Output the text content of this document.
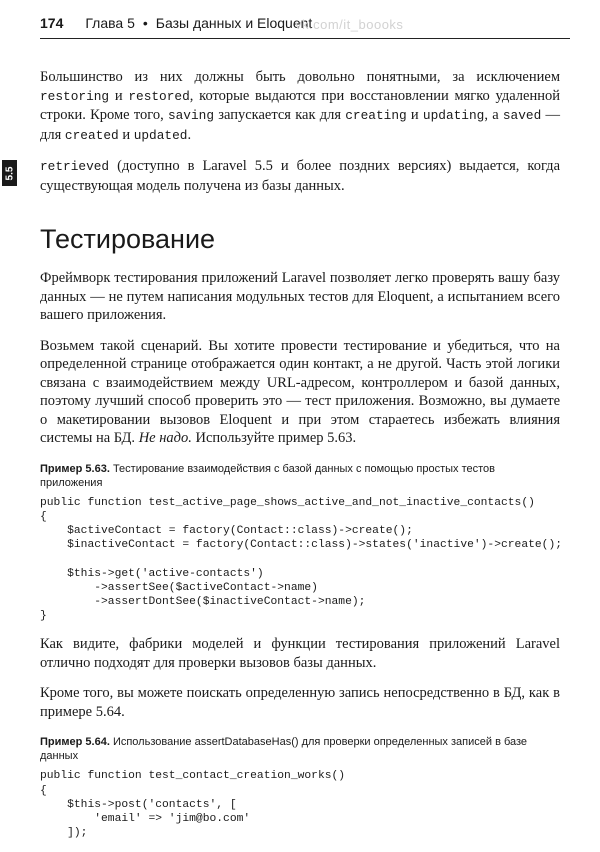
174 Глава 5 • Базы данных и Eloquent
vk.com/it_boooks
5.5

Большинство из них должны быть довольно понятными, за исключением restoring и restored, которые выдаются при восстановлении мягко удаленной строки. Кроме того, saving запускается как для creating и updating, а saved — для created и updated.

retrieved (доступно в Laravel 5.5 и более поздних версиях) выдается, когда существующая модель получена из базы данных.

Тестирование

Фреймворк тестирования приложений Laravel позволяет легко проверять вашу базу данных — не путем написания модульных тестов для Eloquent, а испытанием всего вашего приложения.

Возьмем такой сценарий. Вы хотите провести тестирование и убедиться, что на определенной странице отображается один контакт, а не другой. Часть этой логики связана с взаимодействием между URL-адресом, контроллером и базой данных, поэтому лучший способ проверить это — тест приложения. Возможно, вы думаете о макетировании вызовов Eloquent и при этом стараетесь избежать влияния системы на БД. Не надо. Используйте пример 5.63.

Пример 5.63. Тестирование взаимодействия с базой данных с помощью простых тестов приложения
public function test_active_page_shows_active_and_not_inactive_contacts()
{
$activeContact = factory(Contact::class)->create();
$inactiveContact = factory(Contact::class)->states('inactive')->create();

$this->get('active-contacts')
->assertSee($activeContact->name)
->assertDontSee($inactiveContact->name);
}

Как видите, фабрики моделей и функции тестирования приложений Laravel отлично подходят для проверки вызовов базы данных.

Кроме того, вы можете поискать определенную запись непосредственно в БД, как в примере 5.64.

Пример 5.64. Использование assertDatabaseHas() для проверки определенных записей в базе данных
public function test_contact_creation_works()
{
$this->post('contacts', [
'email' => 'jim@bo.com'
]);
